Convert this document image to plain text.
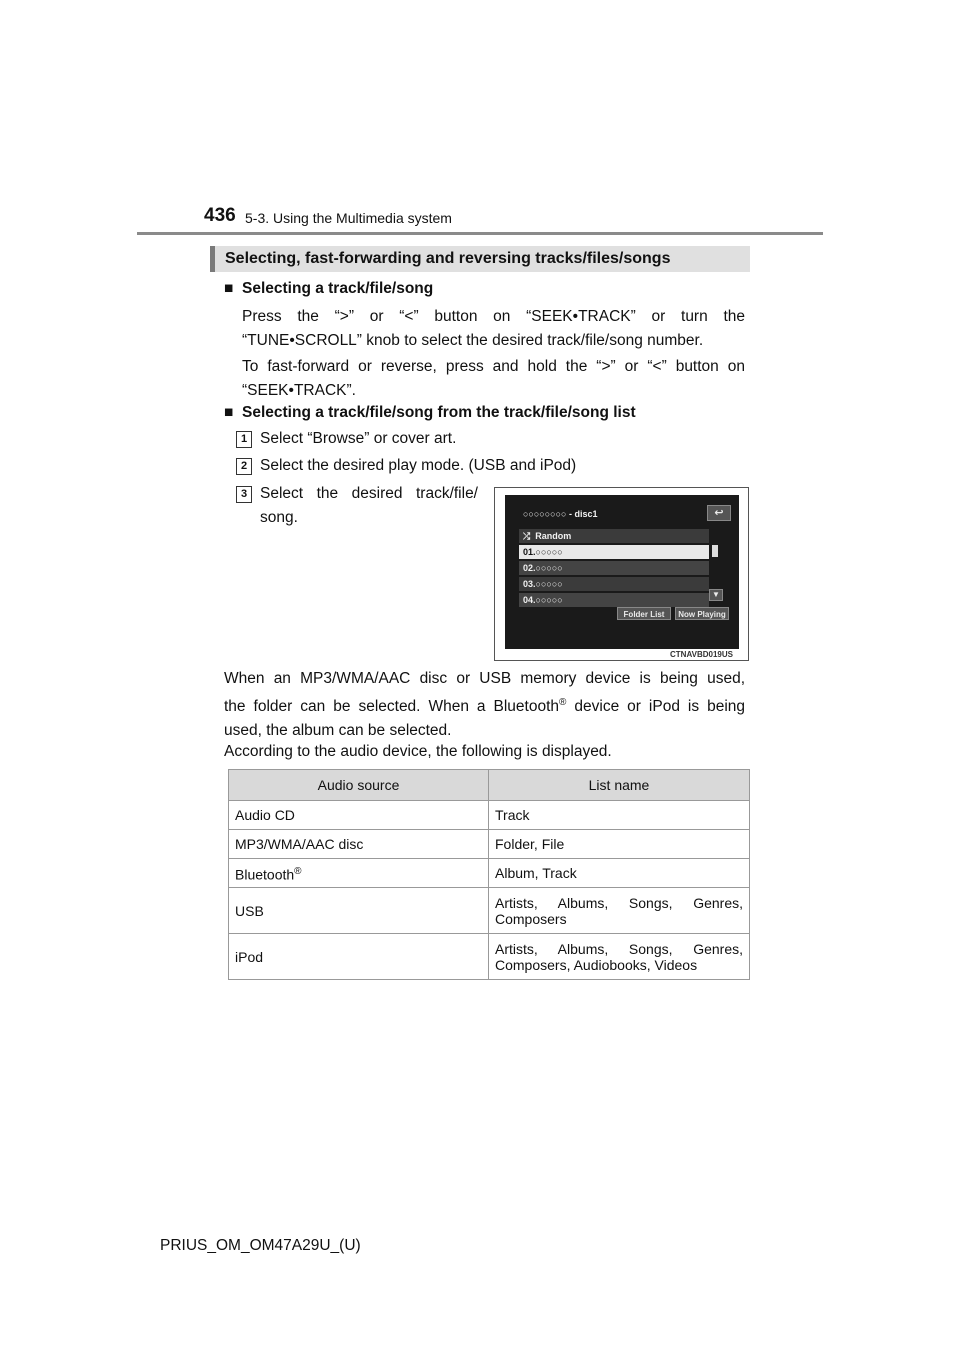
436 5-3. Using the Multimedia system
Selecting, fast-forwarding and reversing tracks/files/songs
■ Selecting a track/file/song
Press the “>” or “<” button on “SEEK•TRACK” or turn the
“TUNE•SCROLL” knob to select the desired track/file/song number.
To fast-forward or reverse, press and hold the “>” or “<” button on
“SEEK•TRACK”.
■ Selecting a track/file/song from the track/file/song list
1 Select “Browse” or cover art.
2 Select the desired play mode. (USB and iPod)
3 Select the desired track/file/
song.	○○○○○○○○ - disc1	↩
⤮ Random
01.○○○○○
02.○○○○○
03.○○○○○
04.○○○○○
▼
Folder List	Now Playing
CTNAVBD019US
When an MP3/WMA/AAC disc or USB memory device is being used,
the folder can be selected. When a Bluetooth® device or iPod is being
used, the album can be selected.
According to the audio device, the following is displayed.
Audio source	List name
Audio CD	Track
MP3/WMA/AAC disc	Folder, File
Bluetooth®	Album, Track
USB	Artists, Albums, Songs, Genres,
Composers

iPod	Artists, Albums, Songs, Genres,
Composers, Audiobooks, Videos
PRIUS_OM_OM47A29U_(U)
